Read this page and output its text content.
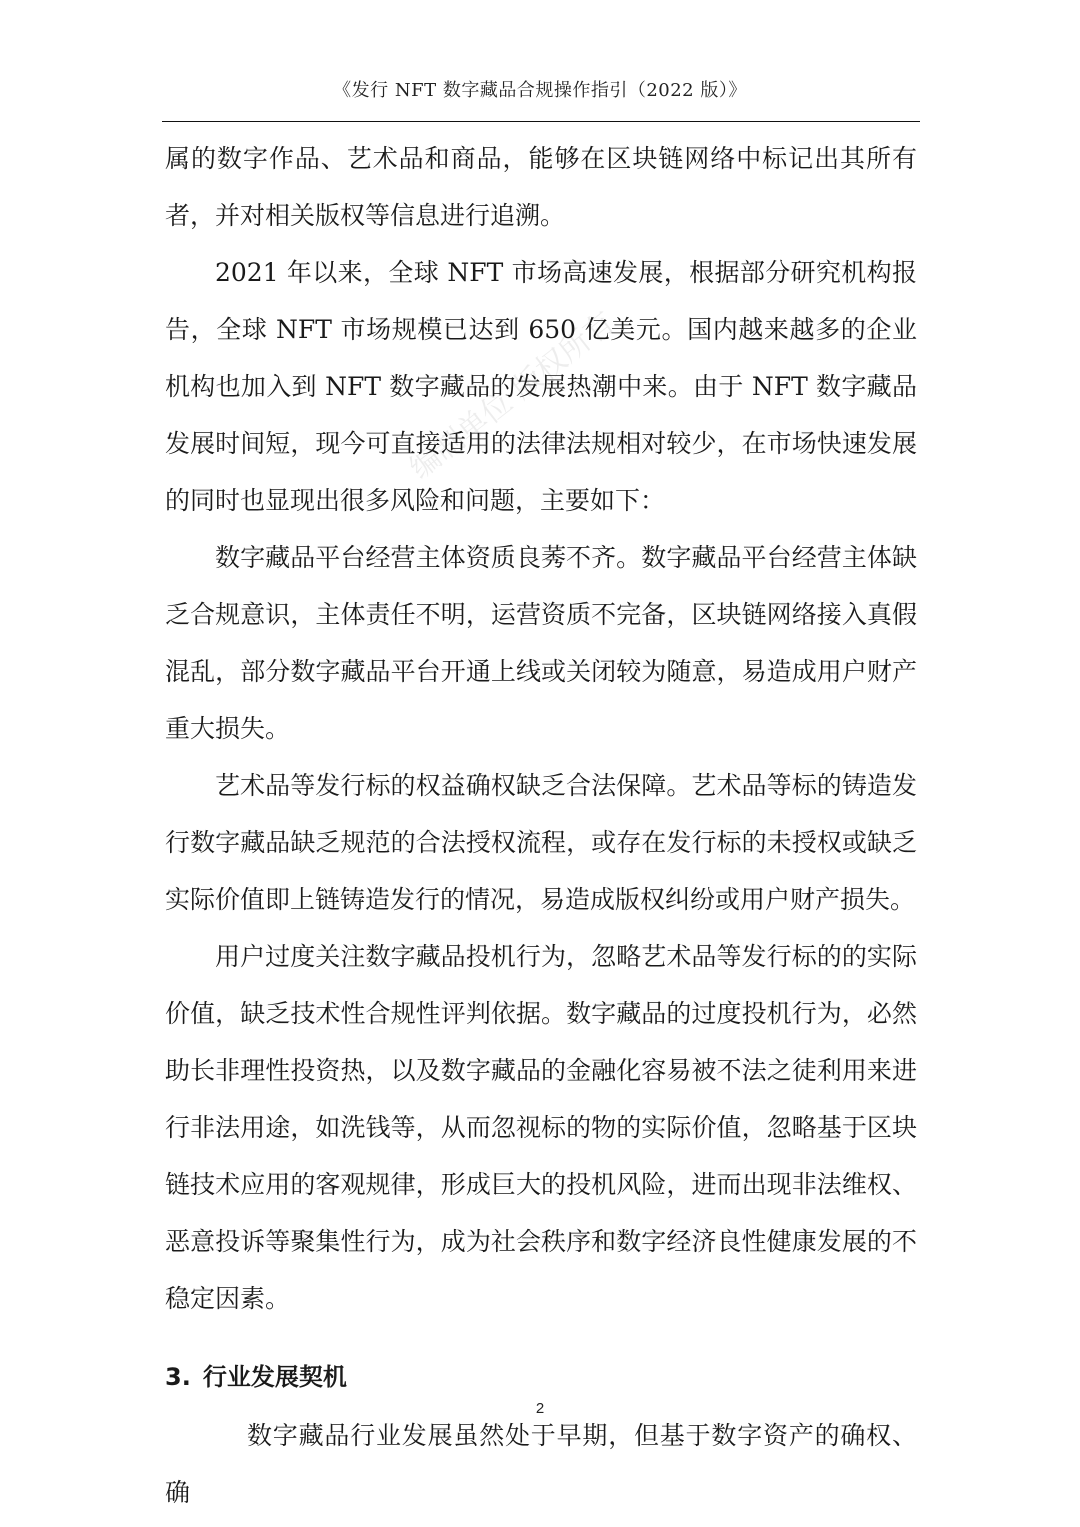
《发行 NFT 数字藏品合规操作指引（2022 版）》
编制单位 版权所有

属的数字作品、艺术品和商品，能够在区块链网络中标记出其所有者，并对相关版权等信息进行追溯。

2021 年以来，全球 NFT 市场高速发展，根据部分研究机构报告，全球 NFT 市场规模已达到 650 亿美元。国内越来越多的企业机构也加入到 NFT 数字藏品的发展热潮中来。由于 NFT 数字藏品发展时间短，现今可直接适用的法律法规相对较少，在市场快速发展的同时也显现出很多风险和问题，主要如下：

数字藏品平台经营主体资质良莠不齐。数字藏品平台经营主体缺乏合规意识，主体责任不明，运营资质不完备，区块链网络接入真假混乱，部分数字藏品平台开通上线或关闭较为随意，易造成用户财产重大损失。

艺术品等发行标的权益确权缺乏合法保障。艺术品等标的铸造发行数字藏品缺乏规范的合法授权流程，或存在发行标的未授权或缺乏实际价值即上链铸造发行的情况，易造成版权纠纷或用户财产损失。

用户过度关注数字藏品投机行为，忽略艺术品等发行标的的实际价值，缺乏技术性合规性评判依据。数字藏品的过度投机行为，必然助长非理性投资热，以及数字藏品的金融化容易被不法之徒利用来进行非法用途，如洗钱等，从而忽视标的物的实际价值，忽略基于区块链技术应用的客观规律，形成巨大的投机风险，进而出现非法维权、恶意投诉等聚集性行为，成为社会秩序和数字经济良性健康发展的不稳定因素。

3. 行业发展契机

数字藏品行业发展虽然处于早期，但基于数字资产的确权、确

2
